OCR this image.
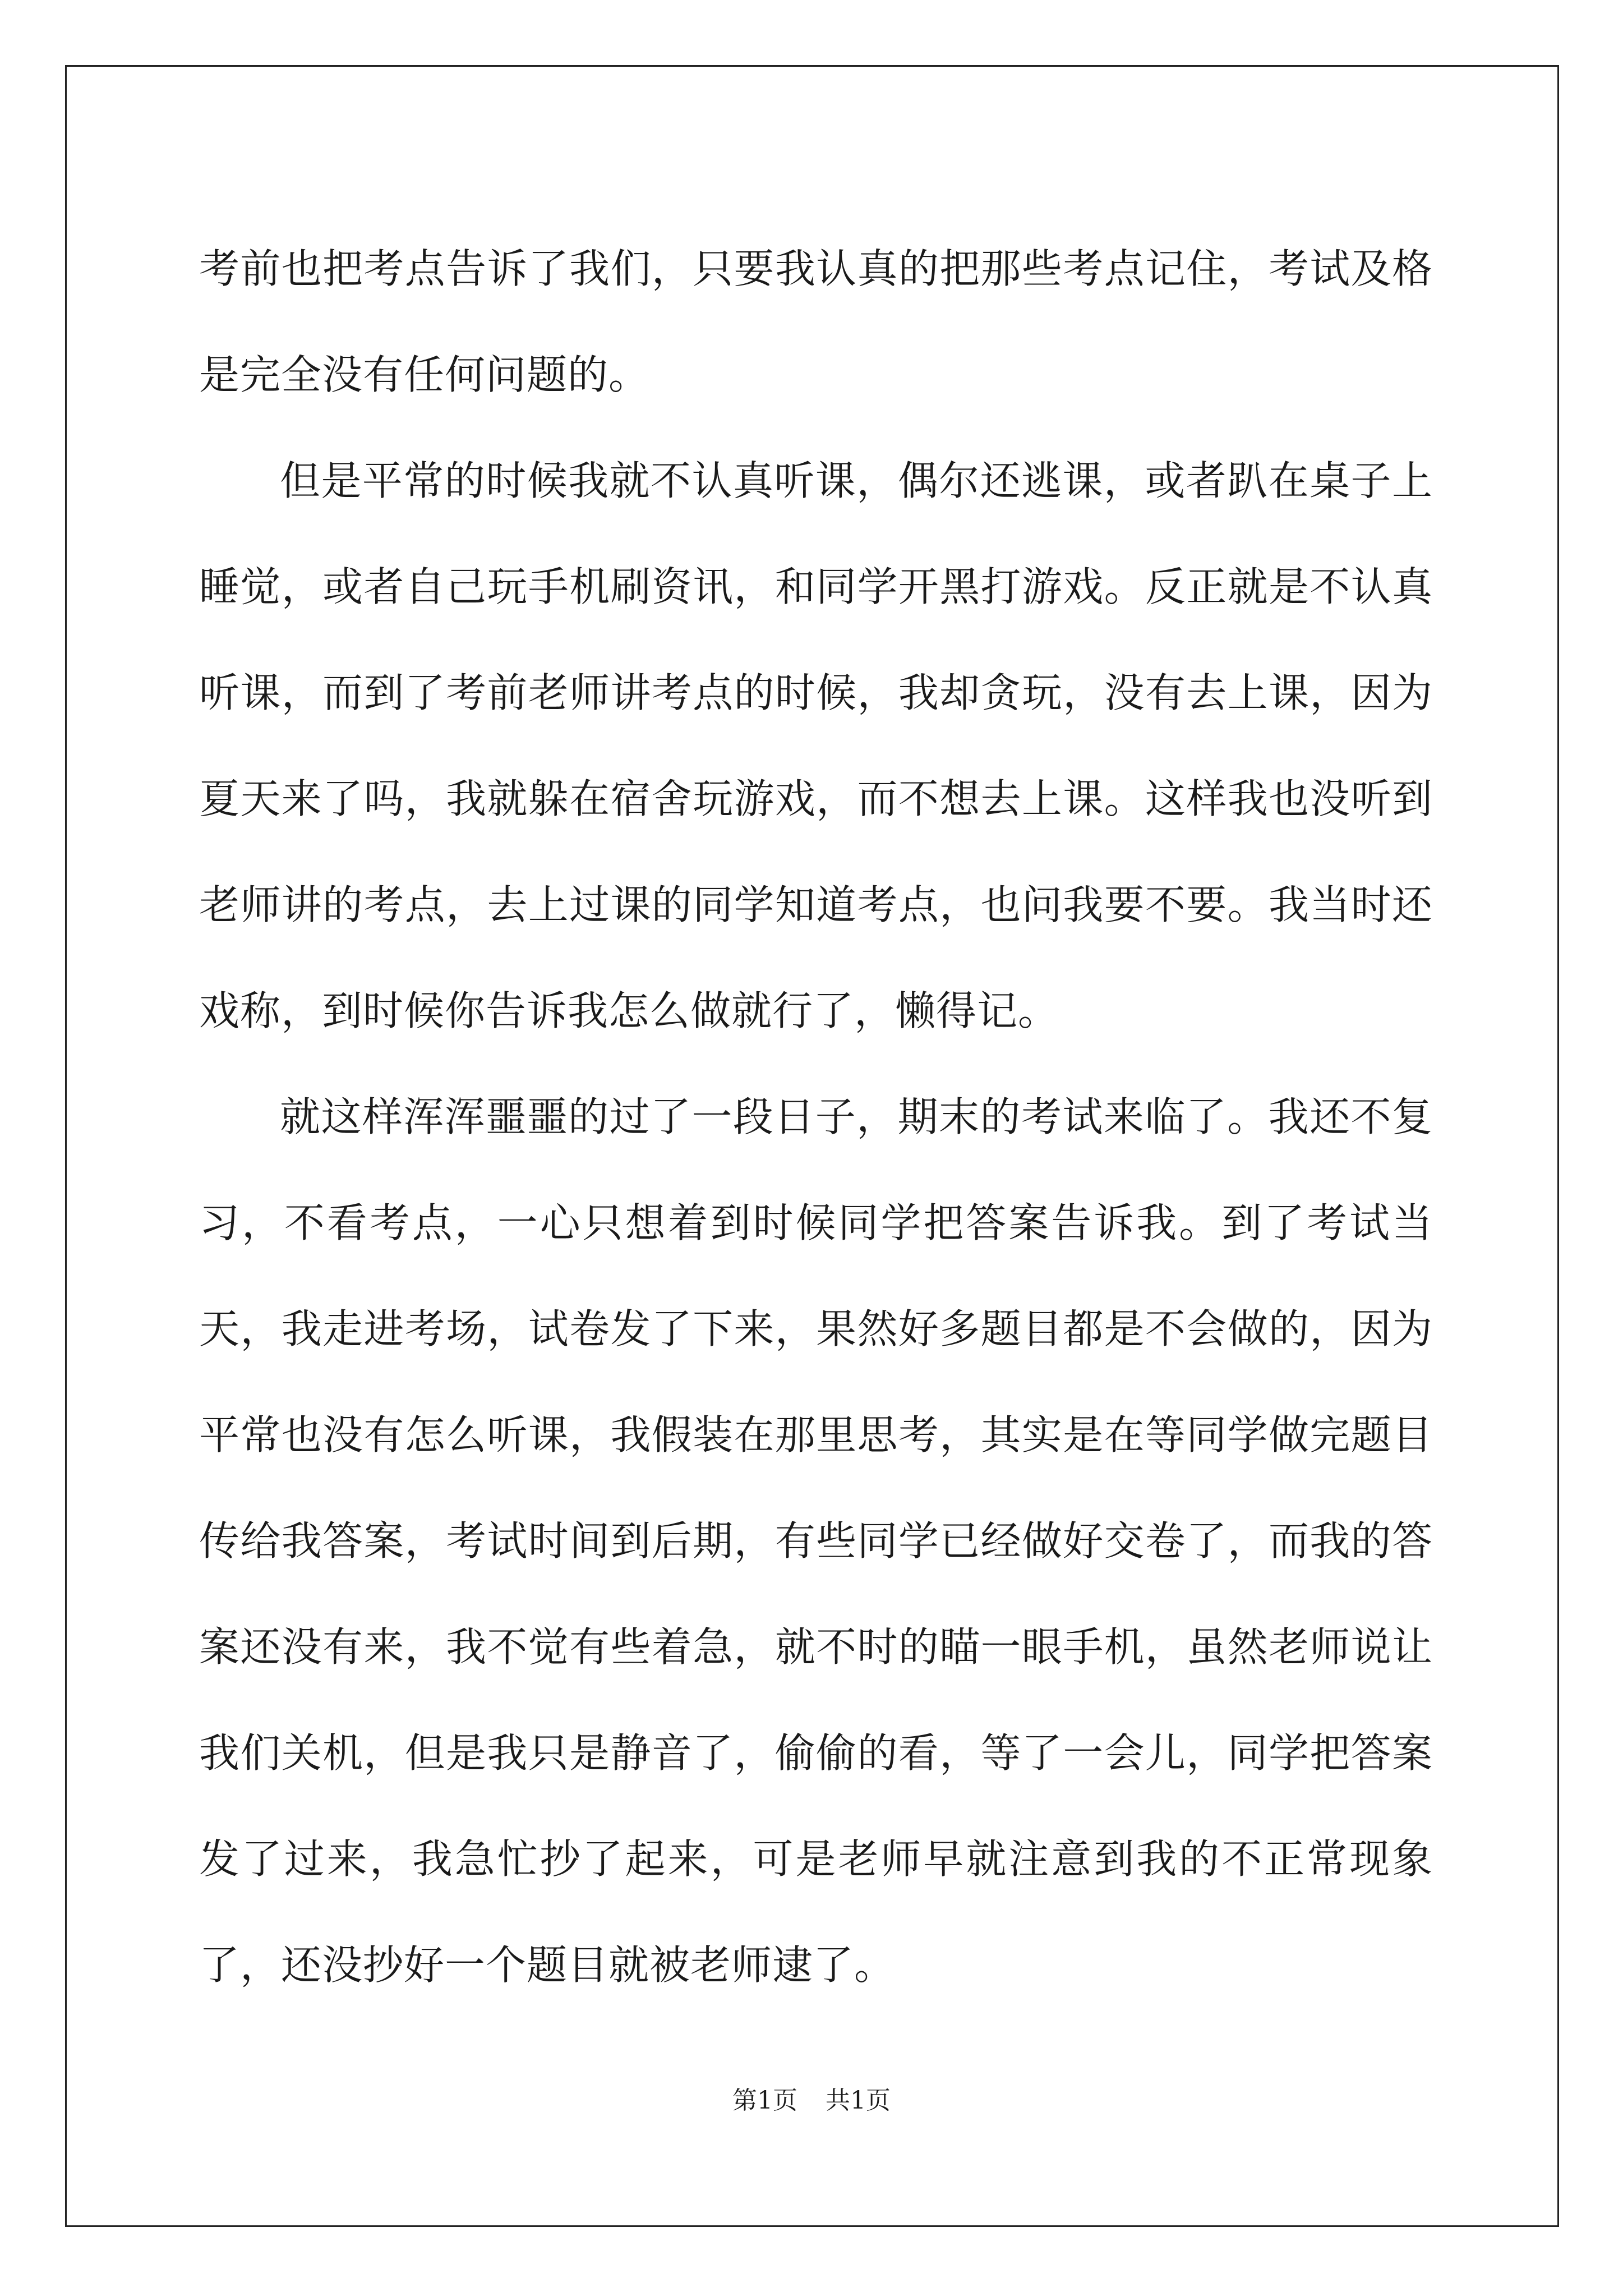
考前也把考点告诉了我们，只要我认真的把那些考点记住，考试及格是完全没有任何问题的。

但是平常的时候我就不认真听课，偶尔还逃课，或者趴在桌子上睡觉，或者自己玩手机刷资讯，和同学开黑打游戏。反正就是不认真听课，而到了考前老师讲考点的时候，我却贪玩，没有去上课，因为夏天来了吗，我就躲在宿舍玩游戏，而不想去上课。这样我也没听到老师讲的考点，去上过课的同学知道考点，也问我要不要。我当时还戏称，到时候你告诉我怎么做就行了，懒得记。

就这样浑浑噩噩的过了一段日子，期末的考试来临了。我还不复习，不看考点，一心只想着到时候同学把答案告诉我。到了考试当天，我走进考场，试卷发了下来，果然好多题目都是不会做的，因为平常也没有怎么听课，我假装在那里思考，其实是在等同学做完题目传给我答案，考试时间到后期，有些同学已经做好交卷了，而我的答案还没有来，我不觉有些着急，就不时的瞄一眼手机，虽然老师说让我们关机，但是我只是静音了，偷偷的看，等了一会儿，同学把答案发了过来，我急忙抄了起来，可是老师早就注意到我的不正常现象了，还没抄好一个题目就被老师逮了。

第1页 共1页
